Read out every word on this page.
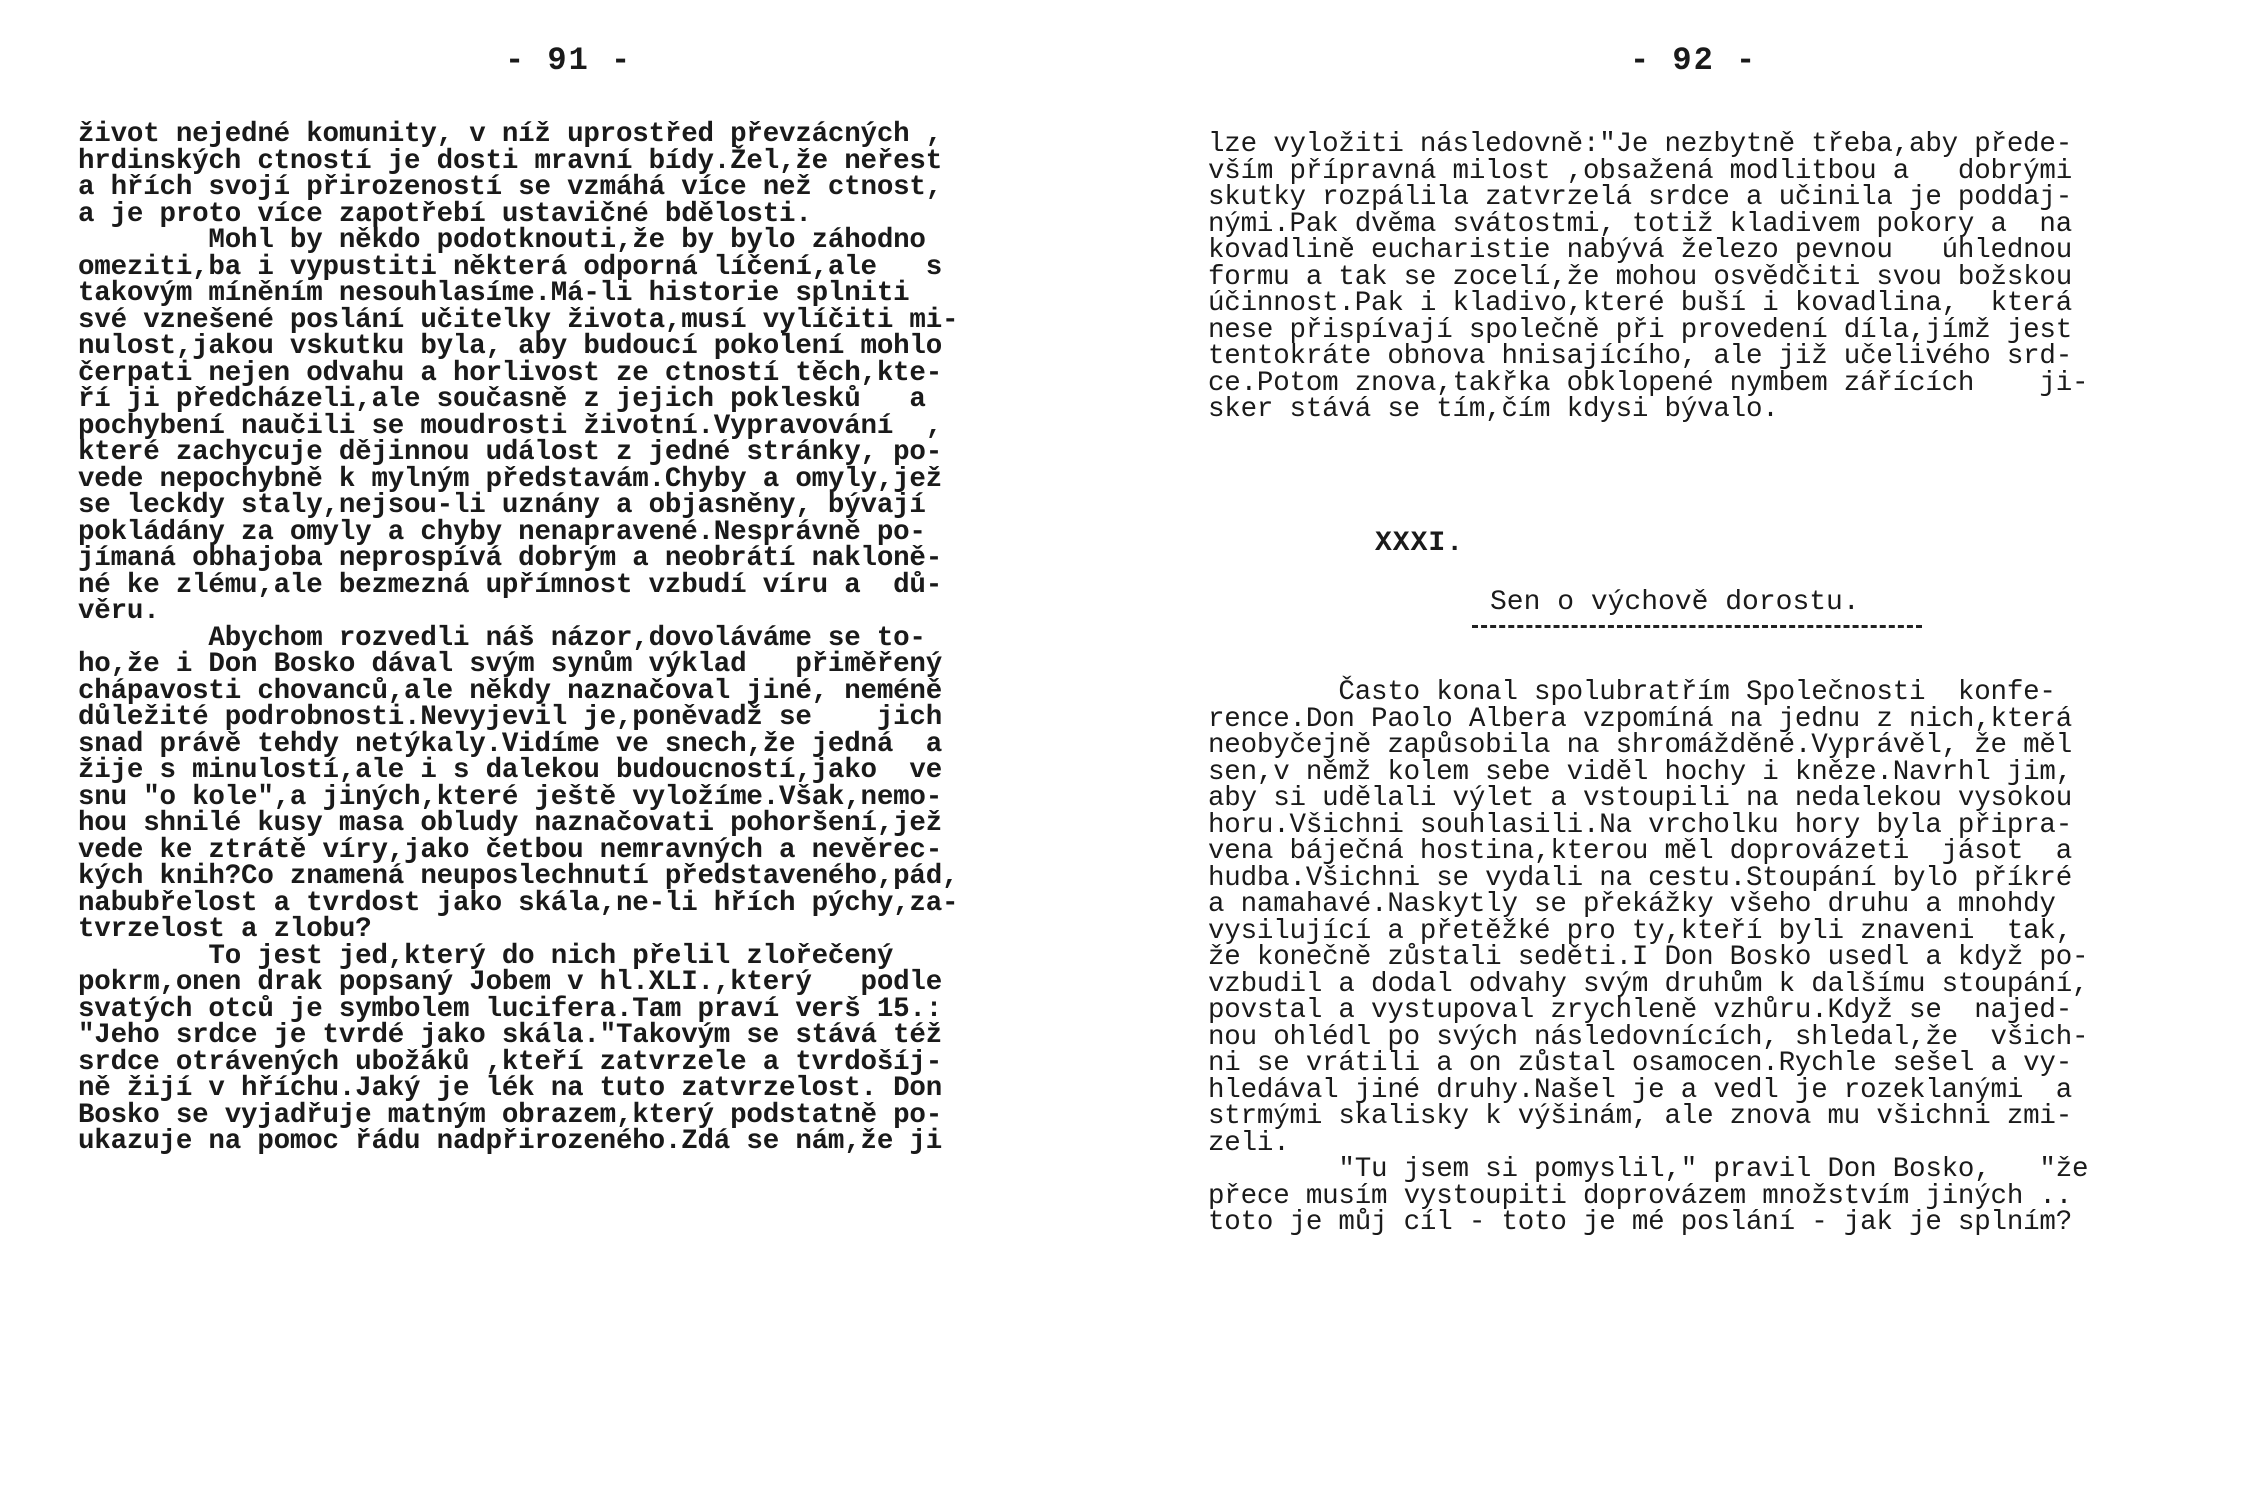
- 91 -
život nejedné komunity, v níž uprostřed převzácných ,
hrdinských ctností je dosti mravní bídy.Žel,že neřest
a hřích svojí přirozeností se vzmáhá více než ctnost,
a je proto více zapotřebí ustavičné bdělosti.
Mohl by někdo podotknouti,že by bylo záhodno
omeziti,ba i vypustiti některá odporná líčení,ale   s
takovým míněním nesouhlasíme.Má-li historie splniti
své vznešené poslání učitelky života,musí vylíčiti mi-
nulost,jakou vskutku byla, aby budoucí pokolení mohlo
čerpati nejen odvahu a horlivost ze ctností těch,kte-
ří ji předcházeli,ale současně z jejich poklesků   a
pochybení naučili se moudrosti životní.Vypravování  ,
které zachycuje dějinnou událost z jedné stránky, po-
vede nepochybně k mylným představám.Chyby a omyly,jež
se leckdy staly,nejsou-li uznány a objasněny, bývají
pokládány za omyly a chyby nenapravené.Nesprávně po-
jímaná obhajoba neprospívá dobrým a neobrátí nakloně-
né ke zlému,ale bezmezná upřímnost vzbudí víru a  dů-
věru.
Abychom rozvedli náš názor,dovoláváme se to-
ho,že i Don Bosko dával svým synům výklad   přiměřený
chápavosti chovanců,ale někdy naznačoval jiné, neméně
důležité podrobnosti.Nevyjevil je,poněvadž se    jich
snad právě tehdy netýkaly.Vidíme ve snech,že jedná  a
žije s minulostí,ale i s dalekou budoucností,jako  ve
snu "o kole",a jiných,které ještě vyložíme.Však,nemo-
hou shnilé kusy masa obludy naznačovati pohoršení,jež
vede ke ztrátě víry,jako četbou nemravných a nevěrec-
kých knih?Co znamená neuposlechnutí představeného,pád,
nabubřelost a tvrdost jako skála,ne-li hřích pýchy,za-
tvrzelost a zlobu?
To jest jed,který do nich přelil zlořečený
pokrm,onen drak popsaný Jobem v hl.XLI.,který   podle
svatých otců je symbolem lucifera.Tam praví verš 15.:
"Jeho srdce je tvrdé jako skála."Takovým se stává též
srdce otrávených ubožáků ,kteří zatvrzele a tvrdošíj-
ně žijí v hříchu.Jaký je lék na tuto zatvrzelost. Don
Bosko se vyjadřuje matným obrazem,který podstatně po-
ukazuje na pomoc řádu nadpřirozeného.Zdá se nám,že ji
- 92 -
lze vyložiti následovně:"Je nezbytně třeba,aby přede-
vším přípravná milost ,obsažená modlitbou a   dobrými
skutky rozpálila zatvrzelá srdce a učinila je poddaj-
nými.Pak dvěma svátostmi, totiž kladivem pokory a  na
kovadlině eucharistie nabývá železo pevnou   úhlednou
formu a tak se zocelí,že mohou osvědčiti svou božskou
účinnost.Pak i kladivo,které buší i kovadlina,  která
nese přispívají společně při provedení díla,jímž jest
tentokráte obnova hnisajícího, ale již učelivého srd-
ce.Potom znova,takřka obklopené nymbem zářících    ji-
sker stává se tím,čím kdysi bývalo.
Často konal spolubratřím Společnosti  konfe-
rence.Don Paolo Albera vzpomíná na jednu z nich,která
neobyčejně zapůsobila na shromážděné.Vyprávěl, že měl
sen,v němž kolem sebe viděl hochy i kněze.Navrhl jim,
aby si udělali výlet a vstoupili na nedalekou vysokou
horu.Všichni souhlasili.Na vrcholku hory byla připra-
vena báječná hostina,kterou měl doprovázeti  jásot  a
hudba.Všichni se vydali na cestu.Stoupání bylo příkré
a namahavé.Naskytly se překážky všeho druhu a mnohdy
vysilující a přetěžké pro ty,kteří byli znaveni  tak,
že konečně zůstali seděti.I Don Bosko usedl a když po-
vzbudil a dodal odvahy svým druhům k dalšímu stoupání,
povstal a vystupoval zrychleně vzhůru.Když se  najed-
nou ohlédl po svých následovnících, shledal,že  všich-
ni se vrátili a on zůstal osamocen.Rychle sešel a vy-
hledával jiné druhy.Našel je a vedl je rozeklanými  a
strmými skalisky k výšinám, ale znova mu všichni zmi-
zeli.
"Tu jsem si pomyslil," pravil Don Bosko,   "že
přece musím vystoupiti doprovázem množstvím jiných ..
toto je můj cíl - toto je mé poslání - jak je splním?
XXXI.
Sen o výchově dorostu.
